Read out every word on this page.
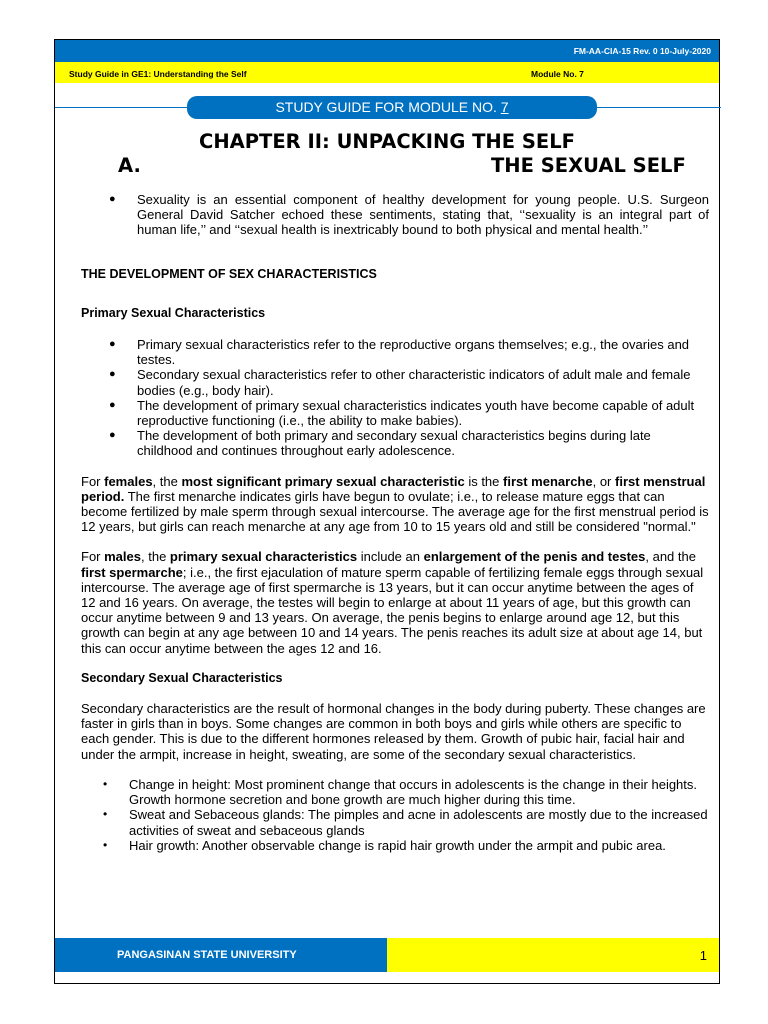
FM-AA-CIA-15 Rev. 0 10-July-2020
Study Guide in GE1: Understanding the Self	Module No. 7
STUDY GUIDE FOR MODULE NO. 7
CHAPTER II: UNPACKING THE SELF
A.	THE SEXUAL SELF
● Sexuality is an essential component of healthy development for young people. U.S. Surgeon General David Satcher echoed these sentiments, stating that, ‘‘sexuality is an integral part of human life,’’ and ‘‘sexual health is inextricably bound to both physical and mental health.’’

THE DEVELOPMENT OF SEX CHARACTERISTICS

Primary Sexual Characteristics

● Primary sexual characteristics refer to the reproductive organs themselves; e.g., the ovaries and testes.
● Secondary sexual characteristics refer to other characteristic indicators of adult male and female bodies (e.g., body hair).
● The development of primary sexual characteristics indicates youth have become capable of adult reproductive functioning (i.e., the ability to make babies).
● The development of both primary and secondary sexual characteristics begins during late childhood and continues throughout early adolescence.

For females, the most significant primary sexual characteristic is the first menarche, or first menstrual period. The first menarche indicates girls have begun to ovulate; i.e., to release mature eggs that can become fertilized by male sperm through sexual intercourse. The average age for the first menstrual period is 12 years, but girls can reach menarche at any age from 10 to 15 years old and still be considered "normal."

For males, the primary sexual characteristics include an enlargement of the penis and testes, and the first spermarche; i.e., the first ejaculation of mature sperm capable of fertilizing female eggs through sexual intercourse. The average age of first spermarche is 13 years, but it can occur anytime between the ages of 12 and 16 years. On average, the testes will begin to enlarge at about 11 years of age, but this growth can occur anytime between 9 and 13 years. On average, the penis begins to enlarge around age 12, but this growth can begin at any age between 10 and 14 years. The penis reaches its adult size at about age 14, but this can occur anytime between the ages 12 and 16.

Secondary Sexual Characteristics

Secondary characteristics are the result of hormonal changes in the body during puberty. These changes are faster in girls than in boys. Some changes are common in both boys and girls while others are specific to each gender. This is due to the different hormones released by them. Growth of pubic hair, facial hair and under the armpit, increase in height, sweating, are some of the secondary sexual characteristics.

• Change in height: Most prominent change that occurs in adolescents is the change in their heights. Growth hormone secretion and bone growth are much higher during this time.
• Sweat and Sebaceous glands: The pimples and acne in adolescents are mostly due to the increased activities of sweat and sebaceous glands
• Hair growth: Another observable change is rapid hair growth under the armpit and pubic area.
PANGASINAN STATE UNIVERSITY	1
